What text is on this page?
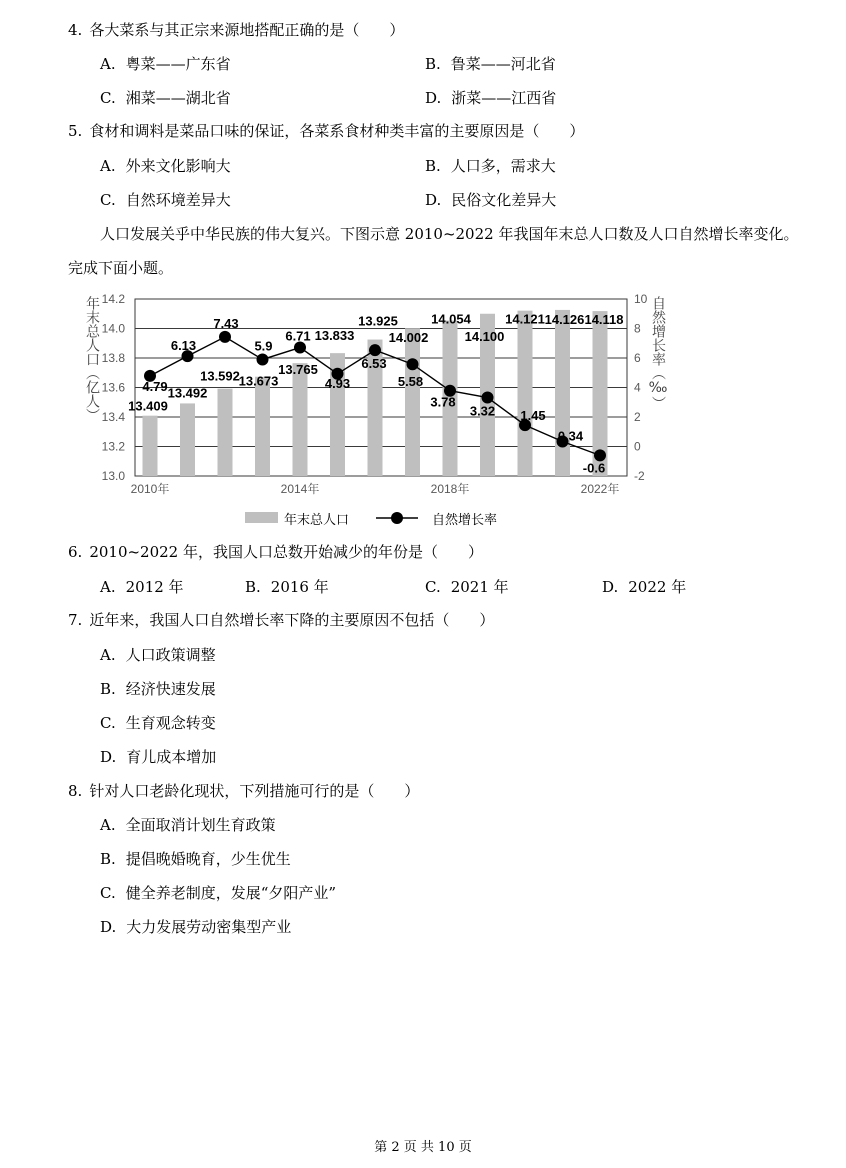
4. 各大菜系与其正宗来源地搭配正确的是（　　）
A. 粤菜——广东省	B. 鲁菜——河北省
C. 湘菜——湖北省	D. 浙菜——江西省
5. 食材和调料是菜品口味的保证，各菜系食材种类丰富的主要原因是（　　）
A. 外来文化影响大	B. 人口多，需求大
C. 自然环境差异大	D. 民俗文化差异大
人口发展关乎中华民族的伟大复兴。下图示意 2010~2022 年我国年末总人口数及人口自然增长率变化。
完成下面小题。
13.0
13.2
13.4
13.6
13.8
14.0
14.2
-2
0
2
4
6
8
10
13.409
13.492
13.592
13.673
13.765
13.833
13.925
14.002
14.054
14.100
14.121 14.126 14.118
4.79
6.13
7.43
5.9
6.71
4.93
6.53
5.58
3.78
3.32 1.45
0.34
-0.6
2010年	2014年	2018年	2022年
年末总人口	自然增长率
年末总人口（亿人）	自然增长率（‰）
6. 2010~2022 年，我国人口总数开始减少的年份是（　　）
A. 2012 年	B. 2016 年	C. 2021 年	D. 2022 年
7. 近年来，我国人口自然增长率下降的主要原因不包括（　　）
A. 人口政策调整
B. 经济快速发展
C. 生育观念转变
D. 育儿成本增加
8. 针对人口老龄化现状，下列措施可行的是（　　）
A. 全面取消计划生育政策
B. 提倡晚婚晚育，少生优生
C. 健全养老制度，发展“夕阳产业”
D. 大力发展劳动密集型产业
第 2 页 共 10 页
